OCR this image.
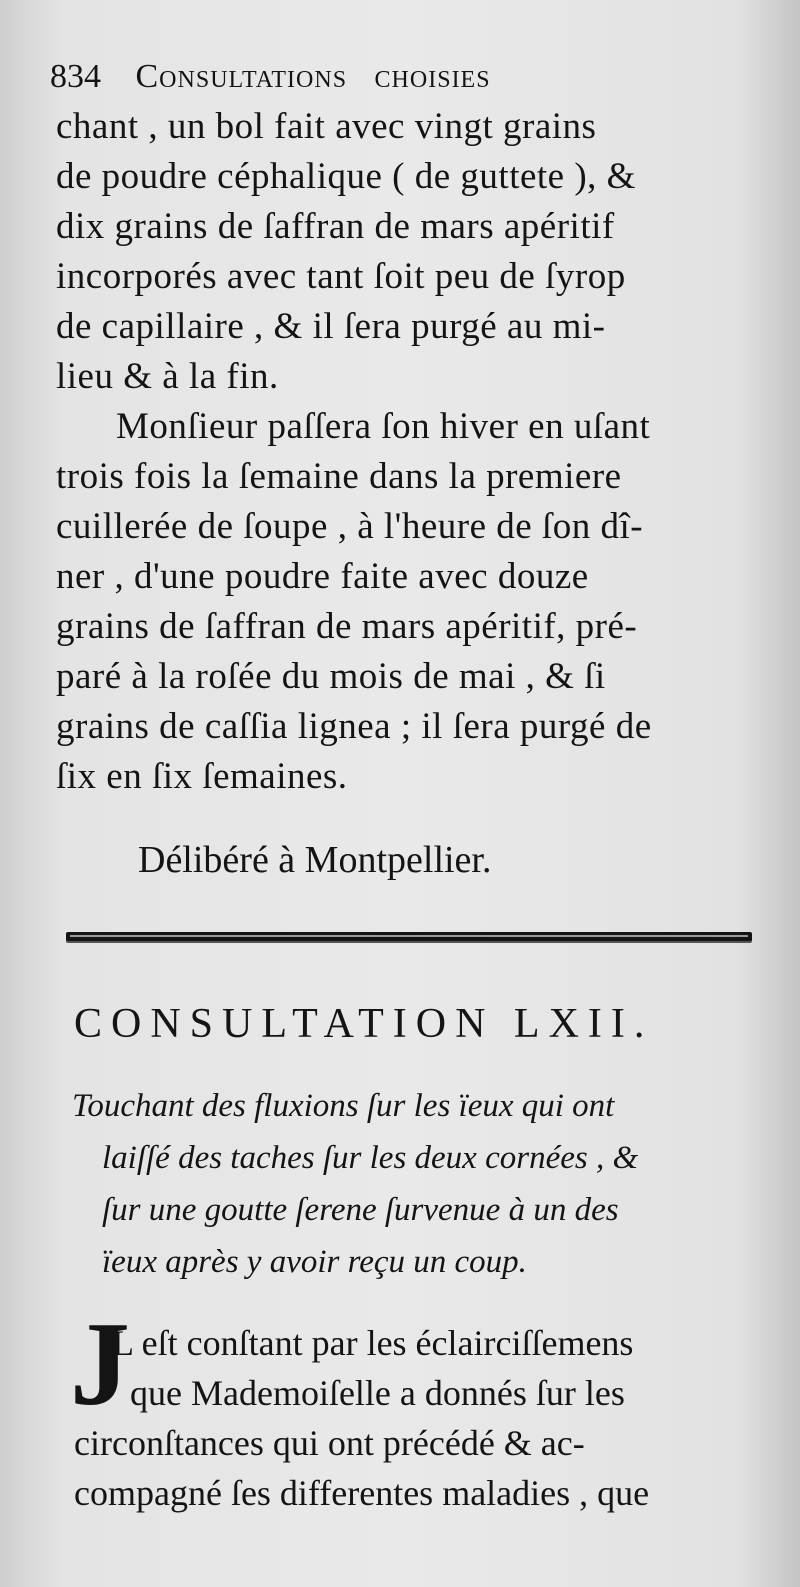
834 Consultations choisies
chant , un bol fait avec vingt grains
de poudre céphalique ( de guttete ), &
dix grains de ſaffran de mars apéritif
incorporés avec tant ſoit peu de ſyrop
de capillaire , & il ſera purgé au mi-
lieu & à la fin.
Monſieur paſſera ſon hiver en uſant
trois fois la ſemaine dans la premiere
cuillerée de ſoupe , à l'heure de ſon dî-
ner , d'une poudre faite avec douze
grains de ſaffran de mars apéritif, pré-
paré à la roſée du mois de mai , & ſi
grains de caſſia lignea ; il ſera purgé de
ſix en ſix ſemaines.
Délibéré à Montpellier.
CONSULTATION LXII.
Touchant des fluxions ſur les ïeux qui ont
laiſſé des taches ſur les deux cornées , &
ſur une goutte ſerene ſurvenue à un des
ïeux après y avoir reçu un coup.
J
L eſt conſtant par les éclairciſſemens
que Mademoiſelle a donnés ſur les
circonſtances qui ont précédé & ac-
compagné ſes differentes maladies , que
